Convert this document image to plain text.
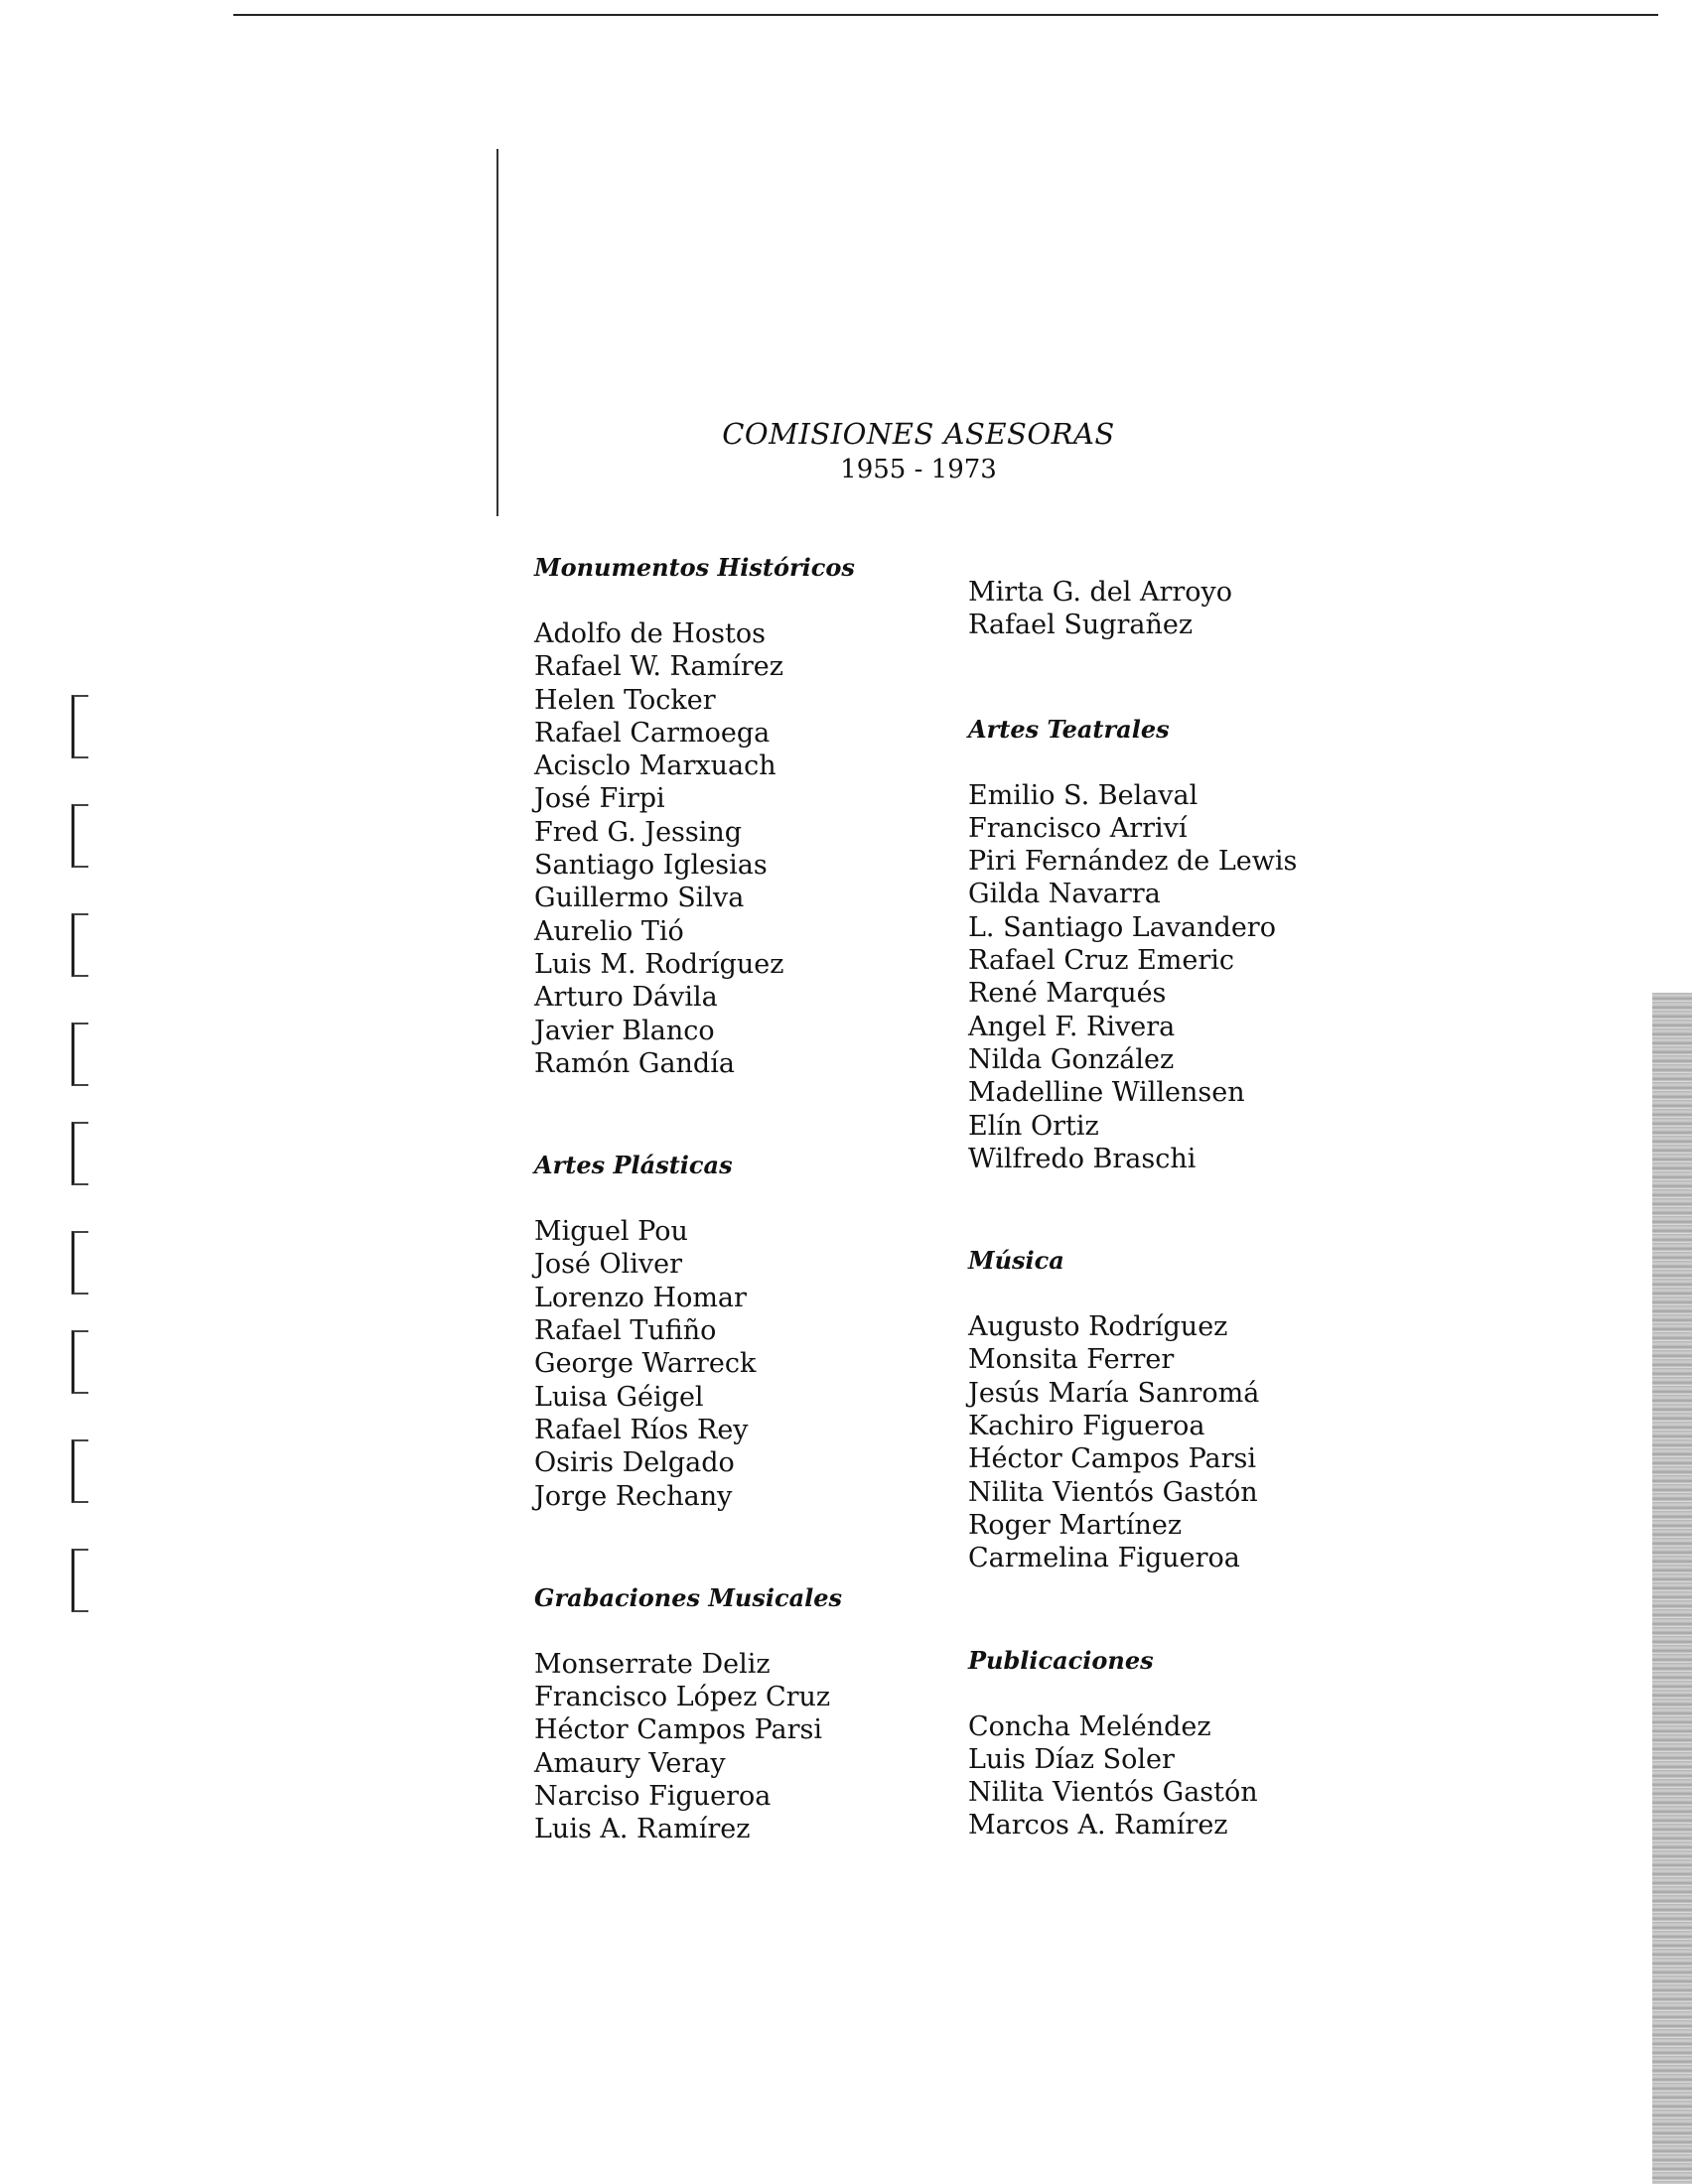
COMISIONES ASESORAS
1955 - 1973
Monumentos Históricos
Adolfo de Hostos
Rafael W. Ramírez
Helen Tocker
Rafael Carmoega
Acisclo Marxuach
José Firpi
Fred G. Jessing
Santiago Iglesias
Guillermo Silva
Aurelio Tió
Luis M. Rodríguez
Arturo Dávila
Javier Blanco
Ramón Gandía
Artes Plásticas
Miguel Pou
José Oliver
Lorenzo Homar
Rafael Tufiño
George Warreck
Luisa Géigel
Rafael Ríos Rey
Osiris Delgado
Jorge Rechany
Grabaciones Musicales
Monserrate Deliz
Francisco López Cruz
Héctor Campos Parsi
Amaury Veray
Narciso Figueroa
Luis A. Ramírez
Mirta G. del Arroyo
Rafael Sugrañez
Artes Teatrales
Emilio S. Belaval
Francisco Arriví
Piri Fernández de Lewis
Gilda Navarra
L. Santiago Lavandero
Rafael Cruz Emeric
René Marqués
Angel F. Rivera
Nilda González
Madelline Willensen
Elín Ortiz
Wilfredo Braschi
Música
Augusto Rodríguez
Monsita Ferrer
Jesús María Sanromá
Kachiro Figueroa
Héctor Campos Parsi
Nilita Vientós Gastón
Roger Martínez
Carmelina Figueroa
Publicaciones
Concha Meléndez
Luis Díaz Soler
Nilita Vientós Gastón
Marcos A. Ramírez
